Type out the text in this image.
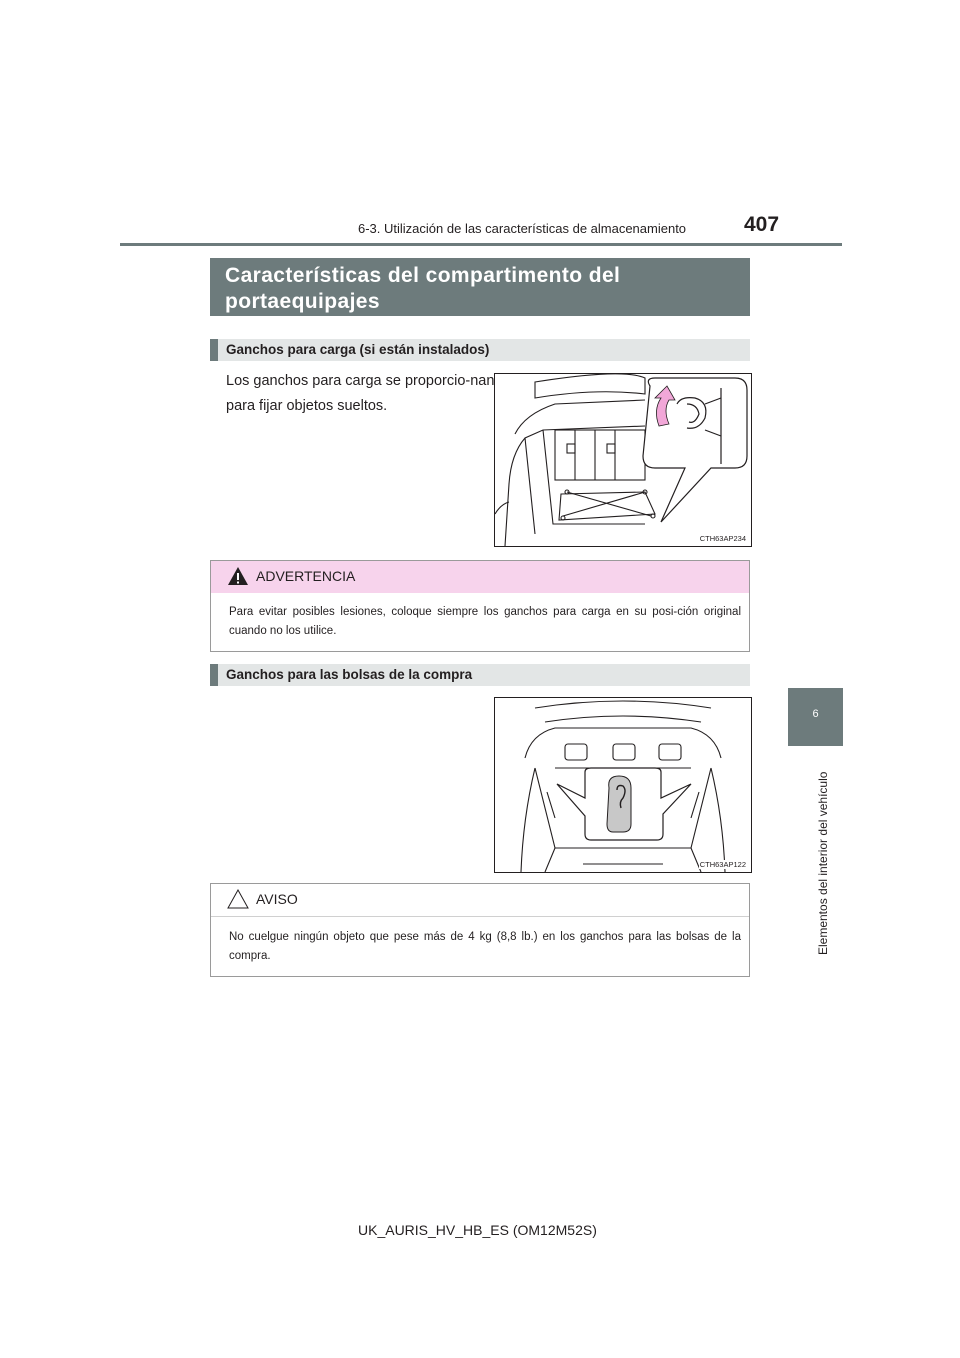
6-3. Utilización de las características de almacenamiento	407
6
Elementos del interior del vehículo
Características del compartimento del portaequipajes
Ganchos para carga (si están instalados)
Los ganchos para carga se proporcio-nan para fijar objetos sueltos.
CTH63AP234
ADVERTENCIA
Para evitar posibles lesiones, coloque siempre los ganchos para carga en su posi-ción original cuando no los utilice.
Ganchos para las bolsas de la compra
CTH63AP122
AVISO
No cuelgue ningún objeto que pese más de 4 kg (8,8 lb.) en los ganchos para las bolsas de la compra.
UK_AURIS_HV_HB_ES (OM12M52S)
